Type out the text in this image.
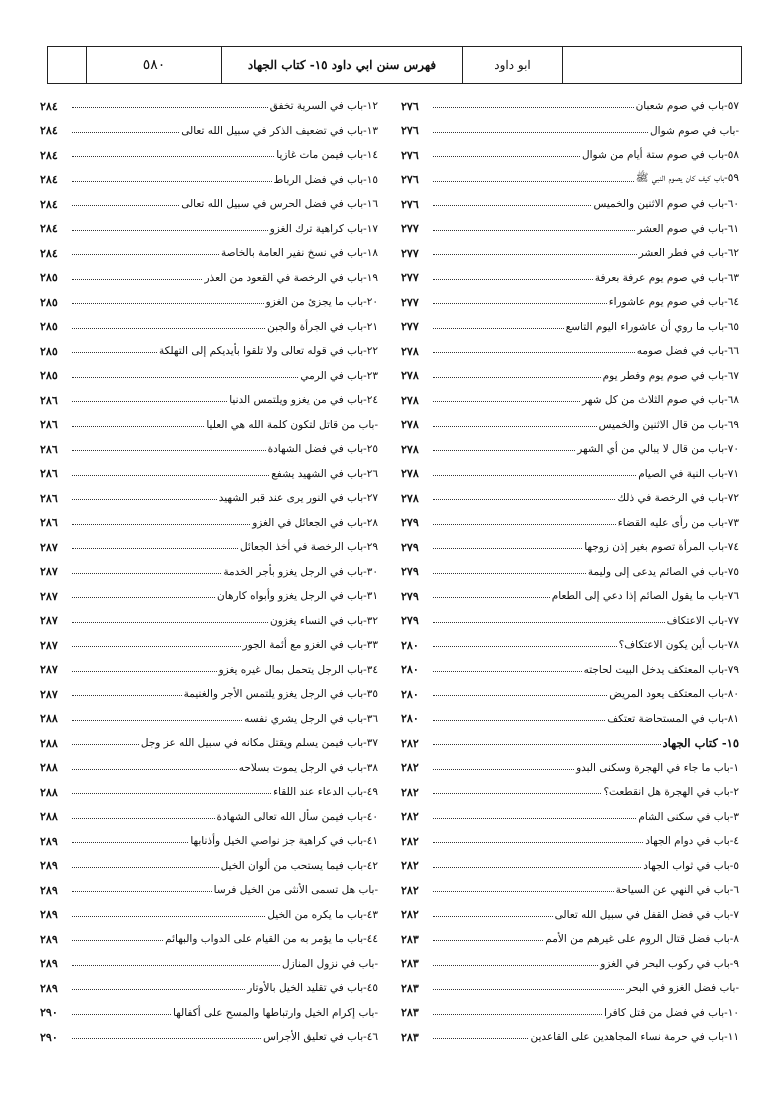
٥٨٠	فهرس سنن ابي داود ١٥- كتاب الجهاد	ابو داود
٥٧-باب في صوم شعبان
٢٧٦
-باب في صوم شوال
٢٧٦
٥٨-باب في صوم ستة أيام من شوال
٢٧٦
٥٩-باب كيف كان يصوم النبي ﷺ
٢٧٦
٦٠-باب في صوم الاثنين والخميس
٢٧٦
٦١-باب في صوم العشر
٢٧٧
٦٢-باب في فطر العشر
٢٧٧
٦٣-باب في صوم يوم عرفة بعرفة
٢٧٧
٦٤-باب في صوم يوم عاشوراء
٢٧٧
٦٥-باب ما روي أن عاشوراء اليوم التاسع
٢٧٧
٦٦-باب في فضل صومه
٢٧٨
٦٧-باب في صوم يوم وفطر يوم
٢٧٨
٦٨-باب في صوم الثلاث من كل شهر
٢٧٨
٦٩-باب من قال الاثنين والخميس
٢٧٨
٧٠-باب من قال لا يبالي من أي الشهر
٢٧٨
٧١-باب النية في الصيام
٢٧٨
٧٢-باب في الرخصة في ذلك
٢٧٨
٧٣-باب من رأى عليه القضاء
٢٧٩
٧٤-باب المرأة تصوم بغير إذن زوجها
٢٧٩
٧٥-باب في الصائم يدعى إلى وليمة
٢٧٩
٧٦-باب ما يقول الصائم إذا دعي إلى الطعام
٢٧٩
٧٧-باب الاعتكاف
٢٧٩
٧٨-باب أين يكون الاعتكاف؟
٢٨٠
٧٩-باب المعتكف يدخل البيت لحاجته
٢٨٠
٨٠-باب المعتكف يعود المريض
٢٨٠
٨١-باب في المستحاضة تعتكف
٢٨٠
١٥- كتاب الجهاد
٢٨٢
١-باب ما جاء في الهجرة وسكنى البدو
٢٨٢
٢-باب في الهجرة هل انقطعت؟
٢٨٢
٣-باب في سكنى الشام
٢٨٢
٤-باب في دوام الجهاد
٢٨٢
٥-باب في ثواب الجهاد
٢٨٢
٦-باب في النهي عن السياحة
٢٨٢
٧-باب في فضل القفل في سبيل الله تعالى
٢٨٢
٨-باب فضل قتال الروم على غيرهم من الأمم
٢٨٣
٩-باب في ركوب البحر في الغزو
٢٨٣
-باب فضل الغزو في البحر
٢٨٣
١٠-باب في فضل من قتل كافرا
٢٨٣
١١-باب في حرمة نساء المجاهدين على القاعدين
٢٨٣
١٢-باب في السرية تخفق
٢٨٤
١٣-باب في تضعيف الذكر في سبيل الله تعالى
٢٨٤
١٤-باب فيمن مات غازيا
٢٨٤
١٥-باب في فضل الرباط
٢٨٤
١٦-باب في فضل الحرس في سبيل الله تعالى
٢٨٤
١٧-باب كراهية ترك الغزو
٢٨٤
١٨-باب في نسخ نفير العامة بالخاصة
٢٨٤
١٩-باب في الرخصة في القعود من العذر
٢٨٥
٢٠-باب ما يجزئ من الغزو
٢٨٥
٢١-باب في الجرأة والجبن
٢٨٥
٢٢-باب في قوله تعالى ولا تلقوا بأيديكم إلى التهلكة
٢٨٥
٢٣-باب في الرمي
٢٨٥
٢٤-باب في من يغزو ويلتمس الدنيا
٢٨٦
-باب من قاتل لتكون كلمة الله هي العليا
٢٨٦
٢٥-باب في فضل الشهادة
٢٨٦
٢٦-باب في الشهيد يشفع
٢٨٦
٢٧-باب في النور يرى عند قبر الشهيد
٢٨٦
٢٨-باب في الجعائل في الغزو
٢٨٦
٢٩-باب الرخصة في أخذ الجعائل
٢٨٧
٣٠-باب في الرجل يغزو بأجر الخدمة
٢٨٧
٣١-باب في الرجل يغزو وأبواه كارهان
٢٨٧
٣٢-باب في النساء يغزون
٢٨٧
٣٣-باب في الغزو مع أئمة الجور
٢٨٧
٣٤-باب الرجل يتحمل بمال غيره يغزو
٢٨٧
٣٥-باب في الرجل يغزو يلتمس الأجر والغنيمة
٢٨٧
٣٦-باب في الرجل يشري نفسه
٢٨٨
٣٧-باب فيمن يسلم ويقتل مكانه في سبيل الله عز وجل
٢٨٨
٣٨-باب في الرجل يموت بسلاحه
٢٨٨
٤٩-باب الدعاء عند اللقاء
٢٨٨
٤٠-باب فيمن سأل الله تعالى الشهادة
٢٨٨
٤١-باب في كراهية جز نواصي الخيل وأذنابها
٢٨٩
٤٢-باب فيما يستحب من ألوان الخيل
٢٨٩
-باب هل تسمى الأنثى من الخيل فرسا
٢٨٩
٤٣-باب ما يكره من الخيل
٢٨٩
٤٤-باب ما يؤمر به من القيام على الدواب والبهائم
٢٨٩
-باب في نزول المنازل
٢٨٩
٤٥-باب في تقليد الخيل بالأوتار
٢٨٩
-باب إكرام الخيل وارتباطها والمسح على أكفالها
٢٩٠
٤٦-باب في تعليق الأجراس
٢٩٠
